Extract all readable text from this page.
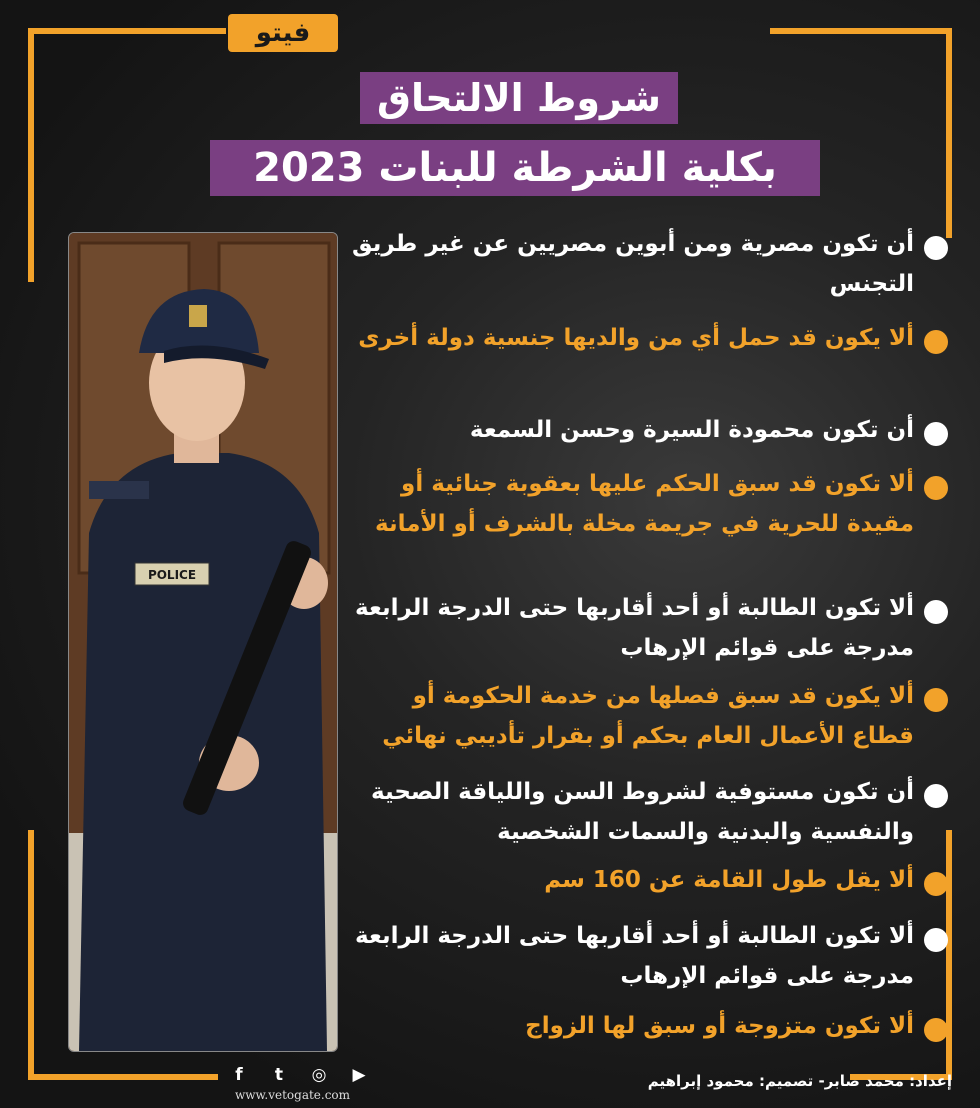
فيتو
شروط الالتحاق
بكلية الشرطة للبنات 2023
POLICE
أن تكون مصرية ومن أبوين مصريين عن غير طريق التجنس
ألا يكون قد حمل أي من والديها جنسية دولة أخرى
أن تكون محمودة السيرة وحسن السمعة
ألا تكون قد سبق الحكم عليها بعقوبة جنائية أو مقيدة للحرية في جريمة مخلة بالشرف أو الأمانة
ألا تكون الطالبة أو أحد أقاربها حتى الدرجة الرابعة مدرجة على قوائم الإرهاب
ألا يكون قد سبق فصلها من خدمة الحكومة أو قطاع الأعمال العام بحكم أو بقرار تأديبي نهائي
أن تكون مستوفية لشروط السن واللياقة الصحية والنفسية والبدنية والسمات الشخصية
ألا يقل طول القامة عن 160 سم
ألا تكون الطالبة أو أحد أقاربها حتى الدرجة الرابعة مدرجة على قوائم الإرهاب
ألا تكون متزوجة أو سبق لها الزواج
f	t	◎ ▶
www.vetogate.com
إعداد: محمد صابر- تصميم: محمود إبراهيم
